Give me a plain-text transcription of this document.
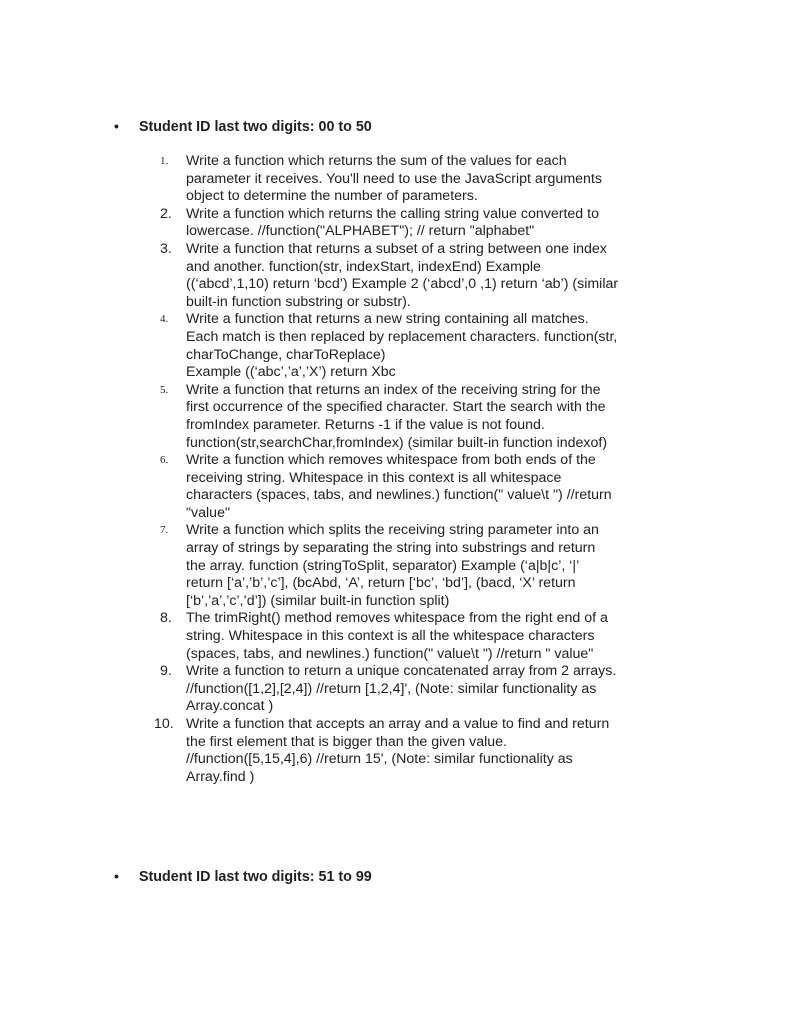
•	Student ID last two digits: 00 to 50
1.	Write a function which returns the sum of the values for each
parameter it receives. You'll need to use the JavaScript arguments
object to determine the number of parameters.
2. Write a function which returns the calling string value converted to
lowercase. //function("ALPHABET"); // return "alphabet"
3. Write a function that returns a subset of a string between one index
and another. function(str, indexStart, indexEnd) Example
((‘abcd’,1,10) return ‘bcd’) Example 2 (‘abcd’,0 ,1) return ‘ab’) (similar
built-in function substring or substr).
4.	Write a function that returns a new string containing all matches.
Each match is then replaced by replacement characters. function(str,
charToChange, charToReplace)
Example ((‘abc’,’a’,’X’) return Xbc
5.	Write a function that returns an index of the receiving string for the
first occurrence of the specified character. Start the search with the
fromIndex parameter. Returns -1 if the value is not found.
function(str,searchChar,fromIndex) (similar built-in function indexof)
6.	Write a function which removes whitespace from both ends of the
receiving string. Whitespace in this context is all whitespace
characters (spaces, tabs, and newlines.) function(" value\t ") //return
"value"
7.	Write a function which splits the receiving string parameter into an
array of strings by separating the string into substrings and return
the array. function (stringToSplit, separator) Example (‘a|b|c’, ‘|’
return [‘a’,’b’,’c’], (bcAbd, ‘A’, return [‘bc’, ‘bd’], (bacd, ‘X’ return
[‘b’,’a’,’c’,’d’]) (similar built-in function split)
8. The trimRight() method removes whitespace from the right end of a
string. Whitespace in this context is all the whitespace characters
(spaces, tabs, and newlines.) function(" value\t ") //return " value"
9. Write a function to return a unique concatenated array from 2 arrays.
//function([1,2],[2,4]) //return [1,2,4]', (Note: similar functionality as
Array.concat )
10. Write a function that accepts an array and a value to find and return
the first element that is bigger than the given value.
//function([5,15,4],6) //return 15', (Note: similar functionality as
Array.find )
•	Student ID last two digits: 51 to 99
